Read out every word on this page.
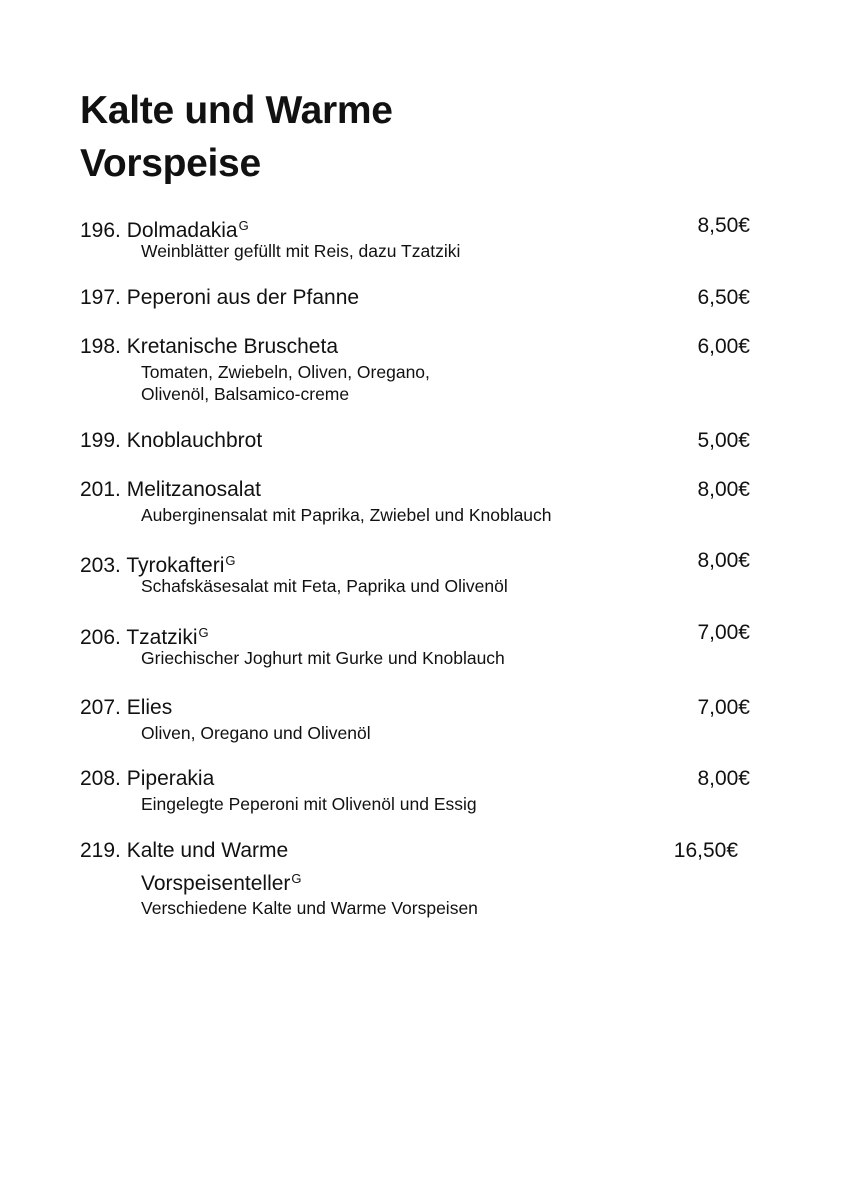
Kalte und Warme
Vorspeise
196. Dolmadakia$^G$	8,50€
Weinblätter gefüllt mit Reis, dazu Tzatziki
197. Peperoni aus der Pfanne	6,50€
198. Kretanische Bruscheta	6,00€
Tomaten, Zwiebeln, Oliven, Oregano,
Olivenöl, Balsamico-creme
199. Knoblauchbrot	5,00€
201. Melitzanosalat	8,00€
Auberginensalat mit Paprika, Zwiebel und Knoblauch
203. Tyrokafteri$^G$	8,00€
Schafskäsesalat mit Feta, Paprika und Olivenöl
206. Tzatziki$^G$	7,00€
Griechischer Joghurt mit Gurke und Knoblauch
207. Elies	7,00€
Oliven, Oregano und Olivenöl
208. Piperakia	8,00€
Eingelegte Peperoni mit Olivenöl und Essig
219. Kalte und Warme	16,50€
Vorspeisenteller$^G$
Verschiedene Kalte und Warme Vorspeisen
